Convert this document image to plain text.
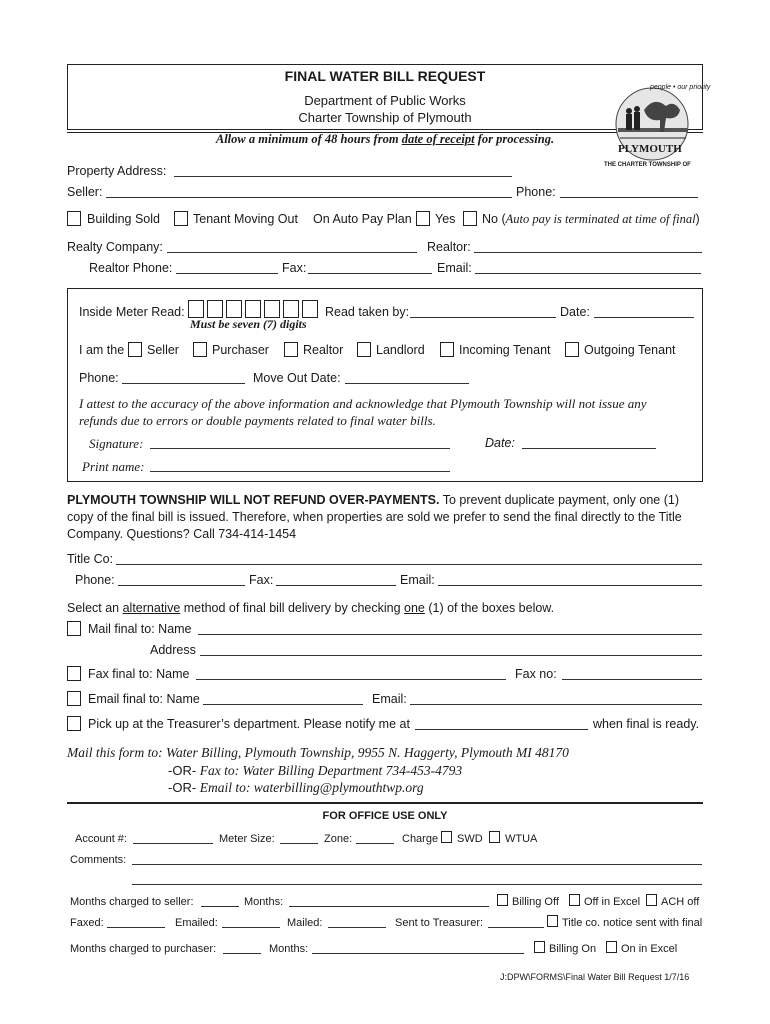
FINAL WATER BILL REQUEST
Department of Public Works
Charter Township of Plymouth
Allow a minimum of 48 hours from date of receipt for processing.
people • our priority
PLYMOUTH
THE CHARTER TOWNSHIP OF
Property Address:
Seller:	Phone:
Building Sold	Tenant Moving Out On Auto Pay Plan Yes No (Auto pay is terminated at time of final)
Realty Company:	Realtor:
Realtor Phone:	Fax:	Email:
Inside Meter Read:
Must be seven (7) digits
Read taken by:	Date:
I am the Seller	Purchaser	Realtor	Landlord	Incoming Tenant	Outgoing Tenant
Phone:	Move Out Date:
I attest to the accuracy of the above information and acknowledge that Plymouth Township will not issue any
refunds due to errors or double payments related to final water bills.
Signature:	Date:
Print name:
PLYMOUTH TOWNSHIP WILL NOT REFUND OVER-PAYMENTS. To prevent duplicate payment, only one (1)
copy of the final bill is issued. Therefore, when properties are sold we prefer to send the final directly to the Title
Company. Questions? Call 734-414-1454
Title Co:
Phone:	Fax:	Email:
Select an alternative method of final bill delivery by checking one (1) of the boxes below.
Mail final to: Name
Address
Fax final to: Name	Fax no:
Email final to: Name	Email:
Pick up at the Treasurer’s department. Please notify me at	when final is ready.
Mail this form to: Water Billing, Plymouth Township, 9955 N. Haggerty, Plymouth MI 48170
-OR- Fax to: Water Billing Department 734-453-4793
-OR- Email to: waterbilling@plymouthtwp.org
FOR OFFICE USE ONLY
Account #:	Meter Size:	Zone:	Charge SWD WTUA
Comments:
Months charged to seller:	Months:	Billing Off Off in Excel ACH off
Faxed:	Emailed:	Mailed:	Sent to Treasurer:	Title co. notice sent with final
Months charged to purchaser:	Months:	Billing On On in Excel
J:DPW\FORMS\Final Water Bill Request 1/7/16
